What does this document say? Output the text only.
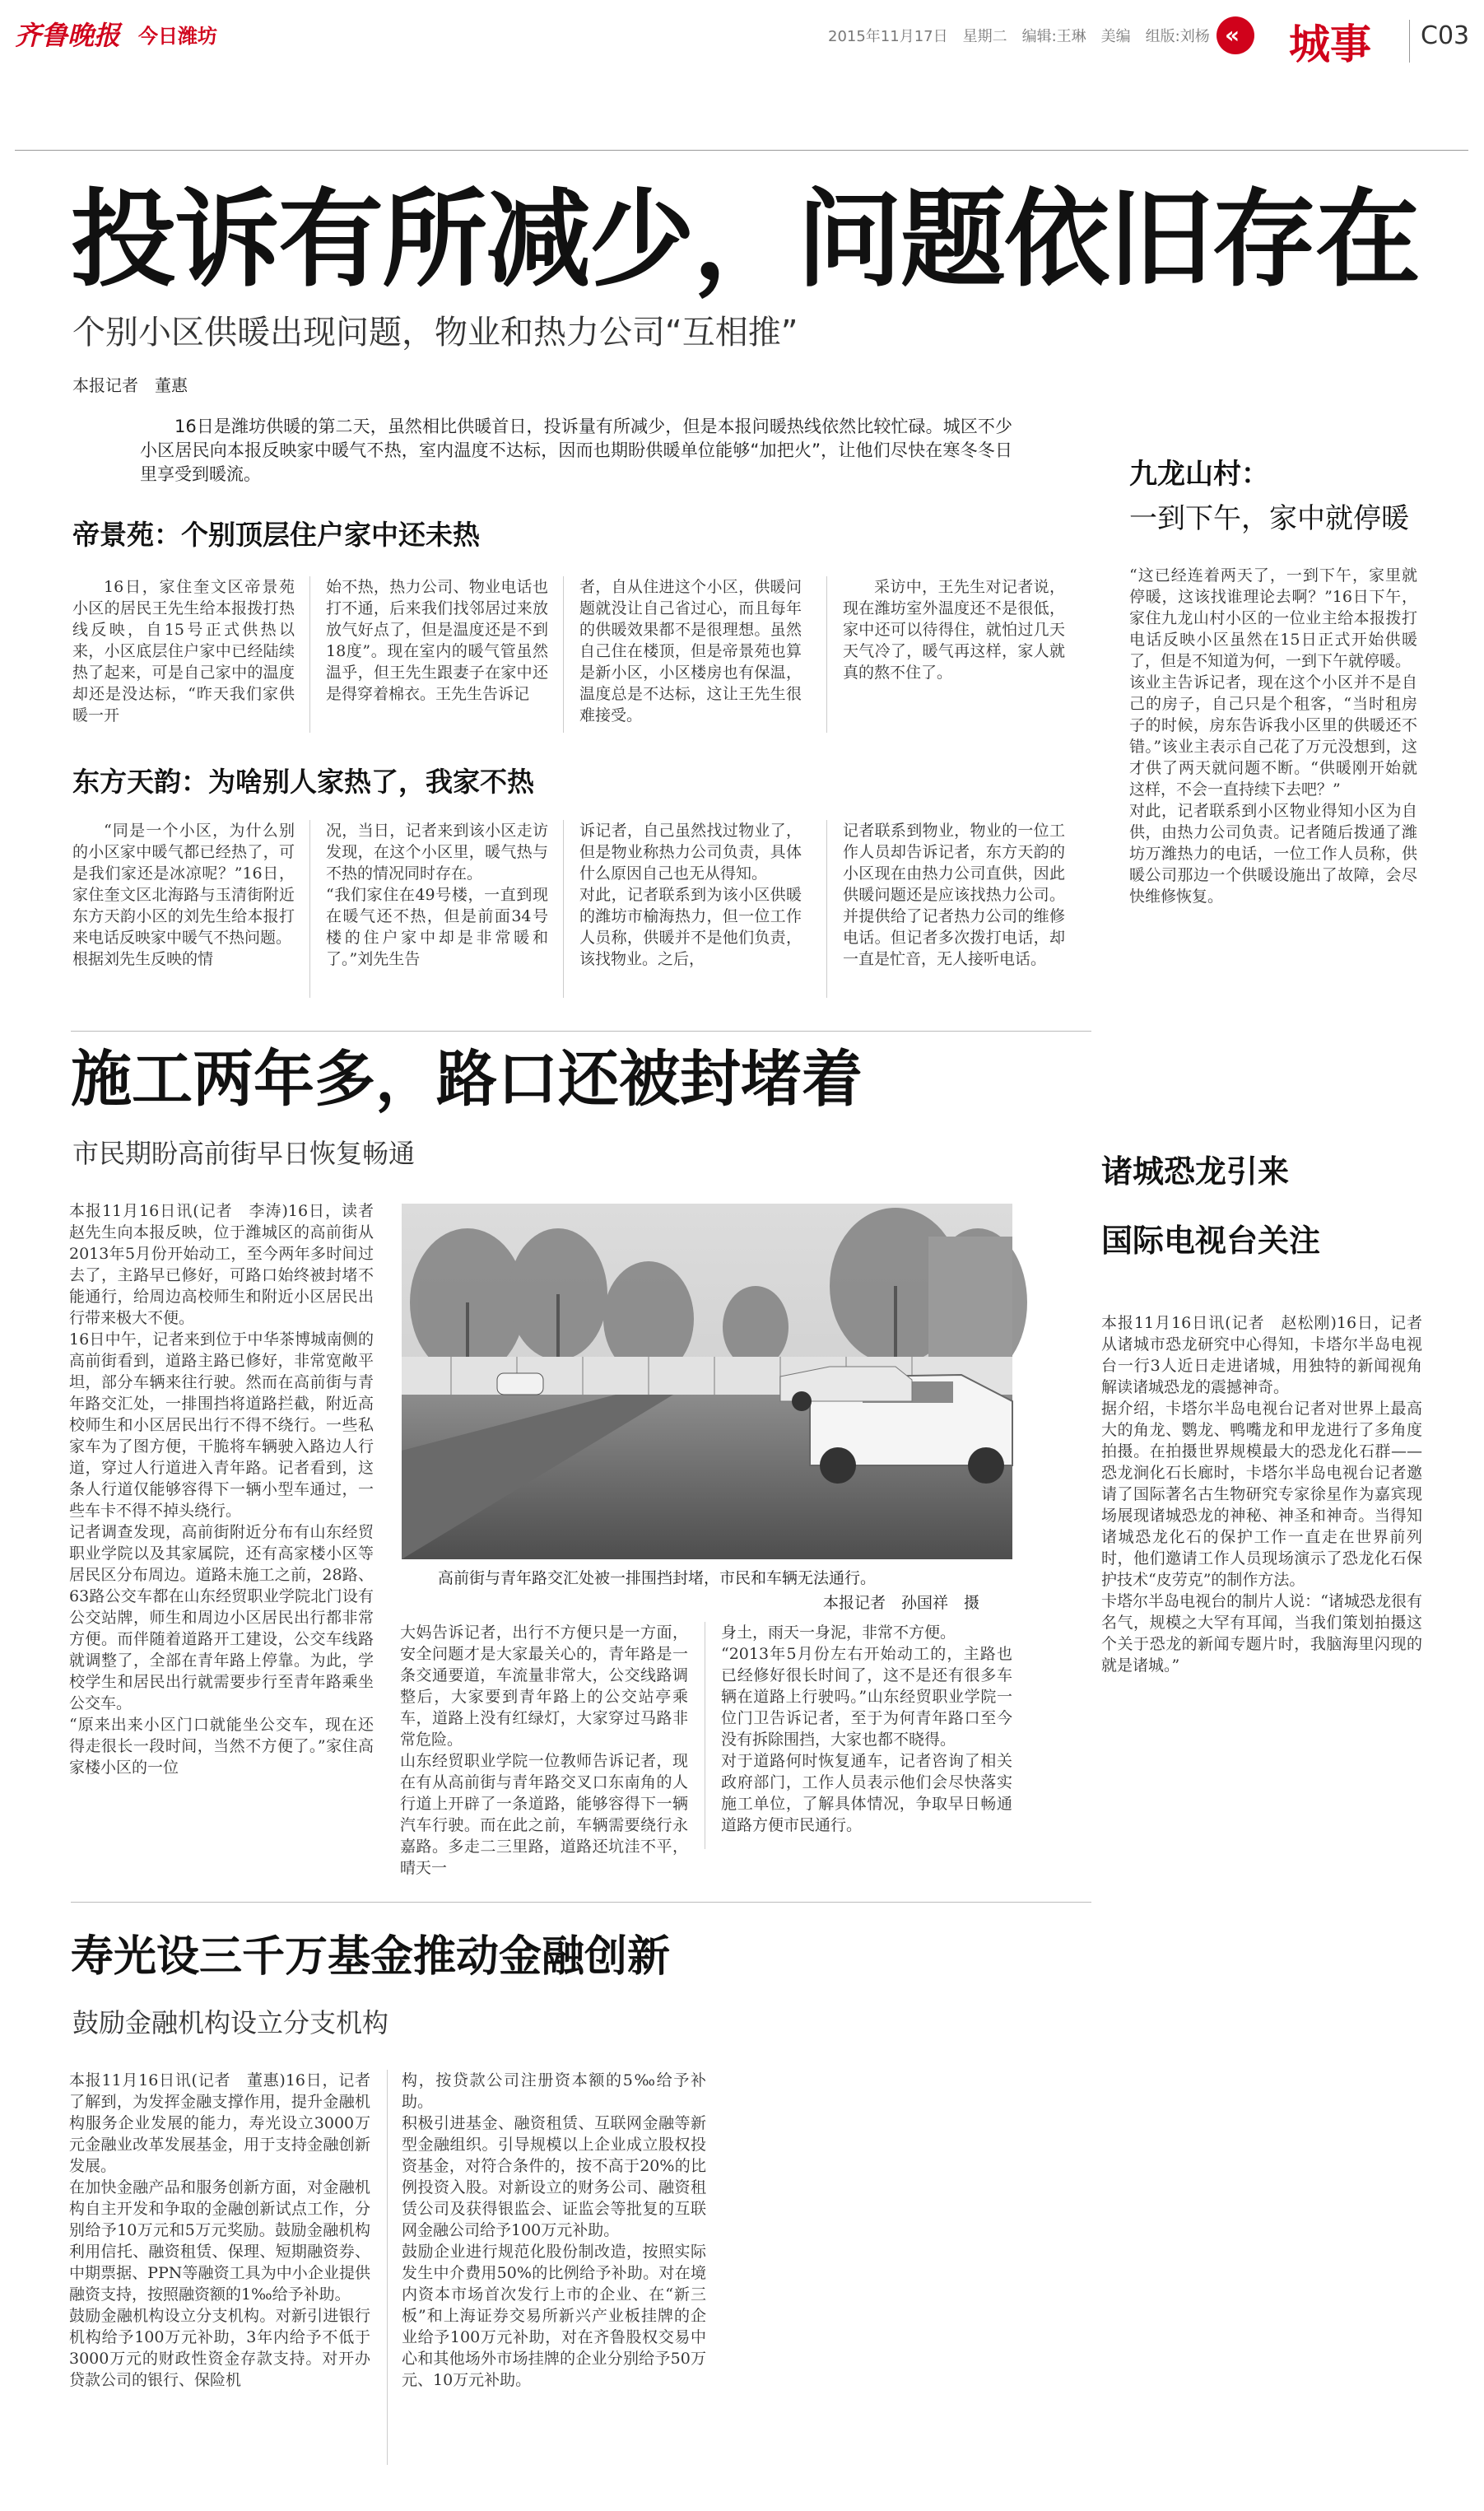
齐鲁晚报 今日潍坊	2015年11月17日　星期二　编辑:王琳　美编　组版:刘杨 « 城事 C03
投诉有所减少，问题依旧存在
个别小区供暖出现问题，物业和热力公司“互相推”
本报记者　董惠
16日是潍坊供暖的第二天，虽然相比供暖首日，投诉量有所减少，但是本报问暖热线依然比较忙碌。城区不少小区居民向本报反映家中暖气不热，室内温度不达标，因而也期盼供暖单位能够“加把火”，让他们尽快在寒冬冬日里享受到暖流。
帝景苑：个别顶层住户家中还未热
16日，家住奎文区帝景苑小区的居民王先生给本报拨打热线反映，自15号正式供热以来，小区底层住户家中已经陆续热了起来，可是自己家中的温度却还是没达标，“昨天我们家供暖一开
始不热，热力公司、物业电话也打不通，后来我们找邻居过来放放气好点了，但是温度还是不到18度”。现在室内的暖气管虽然温乎，但王先生跟妻子在家中还是得穿着棉衣。王先生告诉记
者，自从住进这个小区，供暖问题就没让自己省过心，而且每年的供暖效果都不是很理想。虽然自己住在楼顶，但是帝景苑也算是新小区，小区楼房也有保温，温度总是不达标，这让王先生很难接受。
采访中，王先生对记者说，现在潍坊室外温度还不是很低，家中还可以待得住，就怕过几天天气冷了，暖气再这样，家人就真的熬不住了。
东方天韵：为啥别人家热了，我家不热
“同是一个小区，为什么别的小区家中暖气都已经热了，可是我们家还是冰凉呢？”16日，家住奎文区北海路与玉清街附近东方天韵小区的刘先生给本报打来电话反映家中暖气不热问题。
根据刘先生反映的情
况，当日，记者来到该小区走访发现，在这个小区里，暖气热与不热的情况同时存在。
“我们家住在49号楼，一直到现在暖气还不热，但是前面34号楼的住户家中却是非常暖和了。”刘先生告
诉记者，自己虽然找过物业了，但是物业称热力公司负责，具体什么原因自己也无从得知。
对此，记者联系到为该小区供暖的潍坊市榆海热力，但一位工作人员称，供暖并不是他们负责，该找物业。之后，
记者联系到物业，物业的一位工作人员却告诉记者，东方天韵的小区现在由热力公司直供，因此供暖问题还是应该找热力公司。并提供给了记者热力公司的维修电话。但记者多次拨打电话，却一直是忙音，无人接听电话。
九龙山村：
一到下午，家中就停暖
“这已经连着两天了，一到下午，家里就停暖，这该找谁理论去啊？”16日下午，家住九龙山村小区的一位业主给本报拨打电话反映小区虽然在15日正式开始供暖了，但是不知道为何，一到下午就停暖。
该业主告诉记者，现在这个小区并不是自己的房子，自己只是个租客，“当时租房子的时候，房东告诉我小区里的供暖还不错。”该业主表示自己花了万元没想到，这才供了两天就问题不断。“供暖刚开始就这样，不会一直持续下去吧？”
对此，记者联系到小区物业得知小区为自供，由热力公司负责。记者随后拨通了潍坊万潍热力的电话，一位工作人员称，供暖公司那边一个供暖设施出了故障，会尽快维修恢复。
施工两年多，路口还被封堵着
市民期盼高前街早日恢复畅通
本报11月16日讯(记者　李涛)16日，读者赵先生向本报反映，位于潍城区的高前街从2013年5月份开始动工，至今两年多时间过去了，主路早已修好，可路口始终被封堵不能通行，给周边高校师生和附近小区居民出行带来极大不便。
16日中午，记者来到位于中华茶博城南侧的高前街看到，道路主路已修好，非常宽敞平坦，部分车辆来往行驶。然而在高前街与青年路交汇处，一排围挡将道路拦截，附近高校师生和小区居民出行不得不绕行。一些私家车为了图方便，干脆将车辆驶入路边人行道，穿过人行道进入青年路。记者看到，这条人行道仅能够容得下一辆小型车通过，一些车卡不得不掉头绕行。
记者调查发现，高前街附近分布有山东经贸职业学院以及其家属院，还有高家楼小区等居民区分布周边。道路未施工之前，28路、63路公交车都在山东经贸职业学院北门设有公交站牌，师生和周边小区居民出行都非常方便。而伴随着道路开工建设，公交车线路就调整了，全部在青年路上停靠。为此，学校学生和居民出行就需要步行至青年路乘坐公交车。
“原来出来小区门口就能坐公交车，现在还得走很长一段时间，当然不方便了。”家住高家楼小区的一位
高前街与青年路交汇处被一排围挡封堵，市民和车辆无法通行。
本报记者　孙国祥　摄
大妈告诉记者，出行不方便只是一方面，安全问题才是大家最关心的，青年路是一条交通要道，车流量非常大，公交线路调整后，大家要到青年路上的公交站亭乘车，道路上没有红绿灯，大家穿过马路非常危险。
山东经贸职业学院一位教师告诉记者，现在有从高前街与青年路交叉口东南角的人行道上开辟了一条道路，能够容得下一辆汽车行驶。而在此之前，车辆需要绕行永嘉路。多走二三里路，道路还坑洼不平，晴天一
身土，雨天一身泥，非常不方便。
“2013年5月份左右开始动工的，主路也已经修好很长时间了，这不是还有很多车辆在道路上行驶吗。”山东经贸职业学院一位门卫告诉记者，至于为何青年路口至今没有拆除围挡，大家也都不晓得。
对于道路何时恢复通车，记者咨询了相关政府部门，工作人员表示他们会尽快落实施工单位，了解具体情况，争取早日畅通道路方便市民通行。
诸城恐龙引来
国际电视台关注
本报11月16日讯(记者　赵松刚)16日，记者从诸城市恐龙研究中心得知，卡塔尔半岛电视台一行3人近日走进诸城，用独特的新闻视角解读诸城恐龙的震撼神奇。
据介绍，卡塔尔半岛电视台记者对世界上最高大的角龙、鹦龙、鸭嘴龙和甲龙进行了多角度拍摄。在拍摄世界规模最大的恐龙化石群——恐龙涧化石长廊时，卡塔尔半岛电视台记者邀请了国际著名古生物研究专家徐星作为嘉宾现场展现诸城恐龙的神秘、神圣和神奇。当得知诸城恐龙化石的保护工作一直走在世界前列时，他们邀请工作人员现场演示了恐龙化石保护技术“皮劳克”的制作方法。
卡塔尔半岛电视台的制片人说：“诸城恐龙很有名气，规模之大罕有耳闻，当我们策划拍摄这个关于恐龙的新闻专题片时，我脑海里闪现的就是诸城。”
寿光设三千万基金推动金融创新
鼓励金融机构设立分支机构
本报11月16日讯(记者　董惠)16日，记者了解到，为发挥金融支撑作用，提升金融机构服务企业发展的能力，寿光设立3000万元金融业改革发展基金，用于支持金融创新发展。
在加快金融产品和服务创新方面，对金融机构自主开发和争取的金融创新试点工作，分别给予10万元和5万元奖励。鼓励金融机构利用信托、融资租赁、保理、短期融资券、中期票据、PPN等融资工具为中小企业提供融资支持，按照融资额的1‰给予补助。
鼓励金融机构设立分支机构。对新引进银行机构给予100万元补助，3年内给予不低于3000万元的财政性资金存款支持。对开办贷款公司的银行、保险机
构，按贷款公司注册资本额的5‰给予补助。
积极引进基金、融资租赁、互联网金融等新型金融组织。引导规模以上企业成立股权投资基金，对符合条件的，按不高于20%的比例投资入股。对新设立的财务公司、融资租赁公司及获得银监会、证监会等批复的互联网金融公司给予100万元补助。
鼓励企业进行规范化股份制改造，按照实际发生中介费用50%的比例给予补助。对在境内资本市场首次发行上市的企业、在“新三板”和上海证券交易所新兴产业板挂牌的企业给予100万元补助，对在齐鲁股权交易中心和其他场外市场挂牌的企业分别给予50万元、10万元补助。
